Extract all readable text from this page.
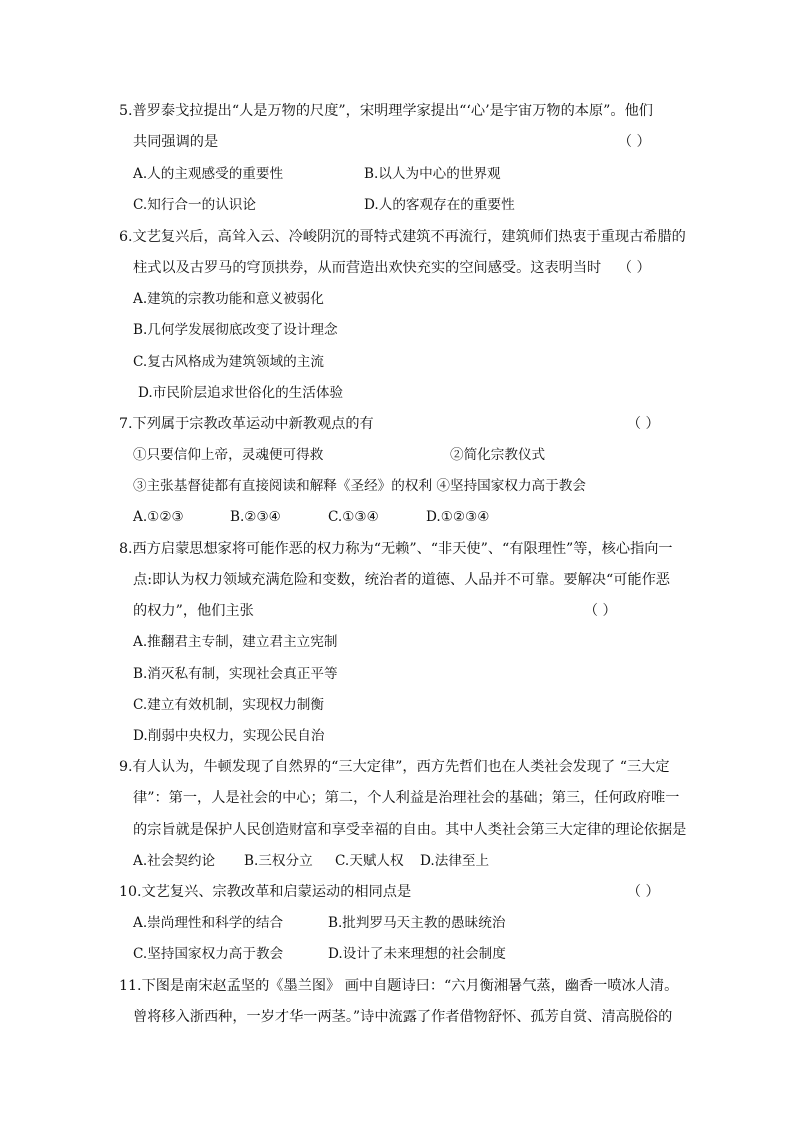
5.普罗泰戈拉提出“人是万物的尺度”，宋明理学家提出“‘心’是宇宙万物的本原”。他们
共同强调的是	（ ）
A.人的主观感受的重要性	B.以人为中心的世界观
C.知行合一的认识论	D.人的客观存在的重要性
6.文艺复兴后，高耸入云、冷峻阴沉的哥特式建筑不再流行，建筑师们热衷于重现古希腊的
柱式以及古罗马的穹顶拱券，从而营造出欢快充实的空间感受。这表明当时 （ ）
A.建筑的宗教功能和意义被弱化
B.几何学发展彻底改变了设计理念
C.复古风格成为建筑领域的主流
D.市民阶层追求世俗化的生活体验
7.下列属于宗教改革运动中新教观点的有	（ ）
①只要信仰上帝，灵魂便可得救	②简化宗教仪式
③主张基督徒都有直接阅读和解释《圣经》的权利 ④坚持国家权力高于教会
A.①②③	B.②③④	C.①③④	D.①②③④
8.西方启蒙思想家将可能作恶的权力称为“无赖”、“非天使”、“有限理性”等，核心指向一
点:即认为权力领域充满危险和变数，统治者的道德、人品并不可靠。要解决“可能作恶
的权力”，他们主张	（ ）
A.推翻君主专制，建立君主立宪制
B.消灭私有制，实现社会真正平等
C.建立有效机制，实现权力制衡
D.削弱中央权力，实现公民自治
9.有人认为，牛顿发现了自然界的“三大定律”，西方先哲们也在人类社会发现了 “三大定
律”：第一，人是社会的中心；第二，个人利益是治理社会的基础；第三，任何政府唯一
的宗旨就是保护人民创造财富和享受幸福的自由。其中人类社会第三大定律的理论依据是
A.社会契约论 B.三权分立 C.天赋人权 D.法律至上
10.文艺复兴、宗教改革和启蒙运动的相同点是	（ ）
A.崇尚理性和科学的结合	B.批判罗马天主教的愚昧统治
C.坚持国家权力高于教会	D.设计了未来理想的社会制度
11.下图是南宋赵孟坚的《墨兰图》 画中自题诗曰：“六月衡湘暑气蒸，幽香一喷冰人清。
曾将移入浙西种，一岁才华一两茎。”诗中流露了作者借物舒怀、孤芳自赏、清高脱俗的
